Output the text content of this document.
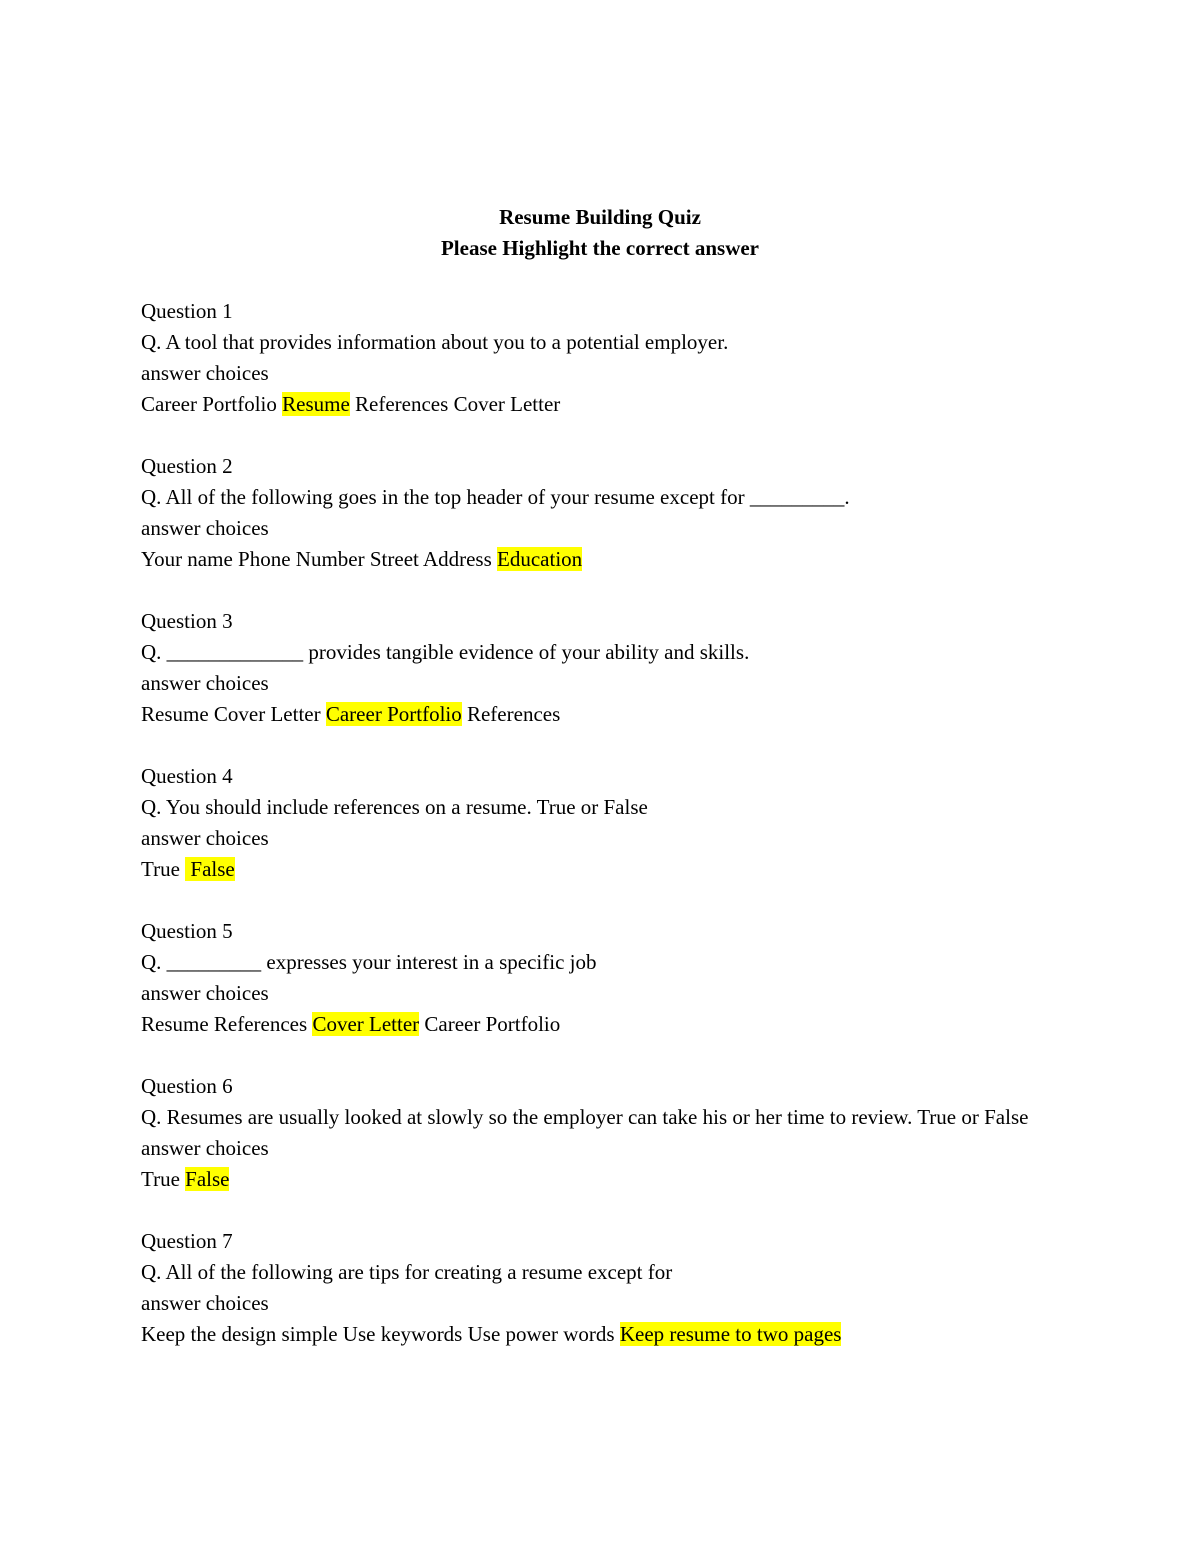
Resume Building Quiz
Please Highlight the correct answer
Question 1
Q. A tool that provides information about you to a potential employer.
answer choices
Career Portfolio Resume References Cover Letter
Question 2
Q. All of the following goes in the top header of your resume except for _________.
answer choices
Your name Phone Number Street Address Education
Question 3
Q. _____________ provides tangible evidence of your ability and skills.
answer choices
Resume Cover Letter Career Portfolio References
Question 4
Q. You should include references on a resume. True or False
answer choices
True  False
Question 5
Q. _________ expresses your interest in a specific job
answer choices
Resume References Cover Letter Career Portfolio
Question 6
Q. Resumes are usually looked at slowly so the employer can take his or her time to review. True or False
answer choices
True False
Question 7
Q. All of the following are tips for creating a resume except for
answer choices
Keep the design simple Use keywords Use power words Keep resume to two pages
